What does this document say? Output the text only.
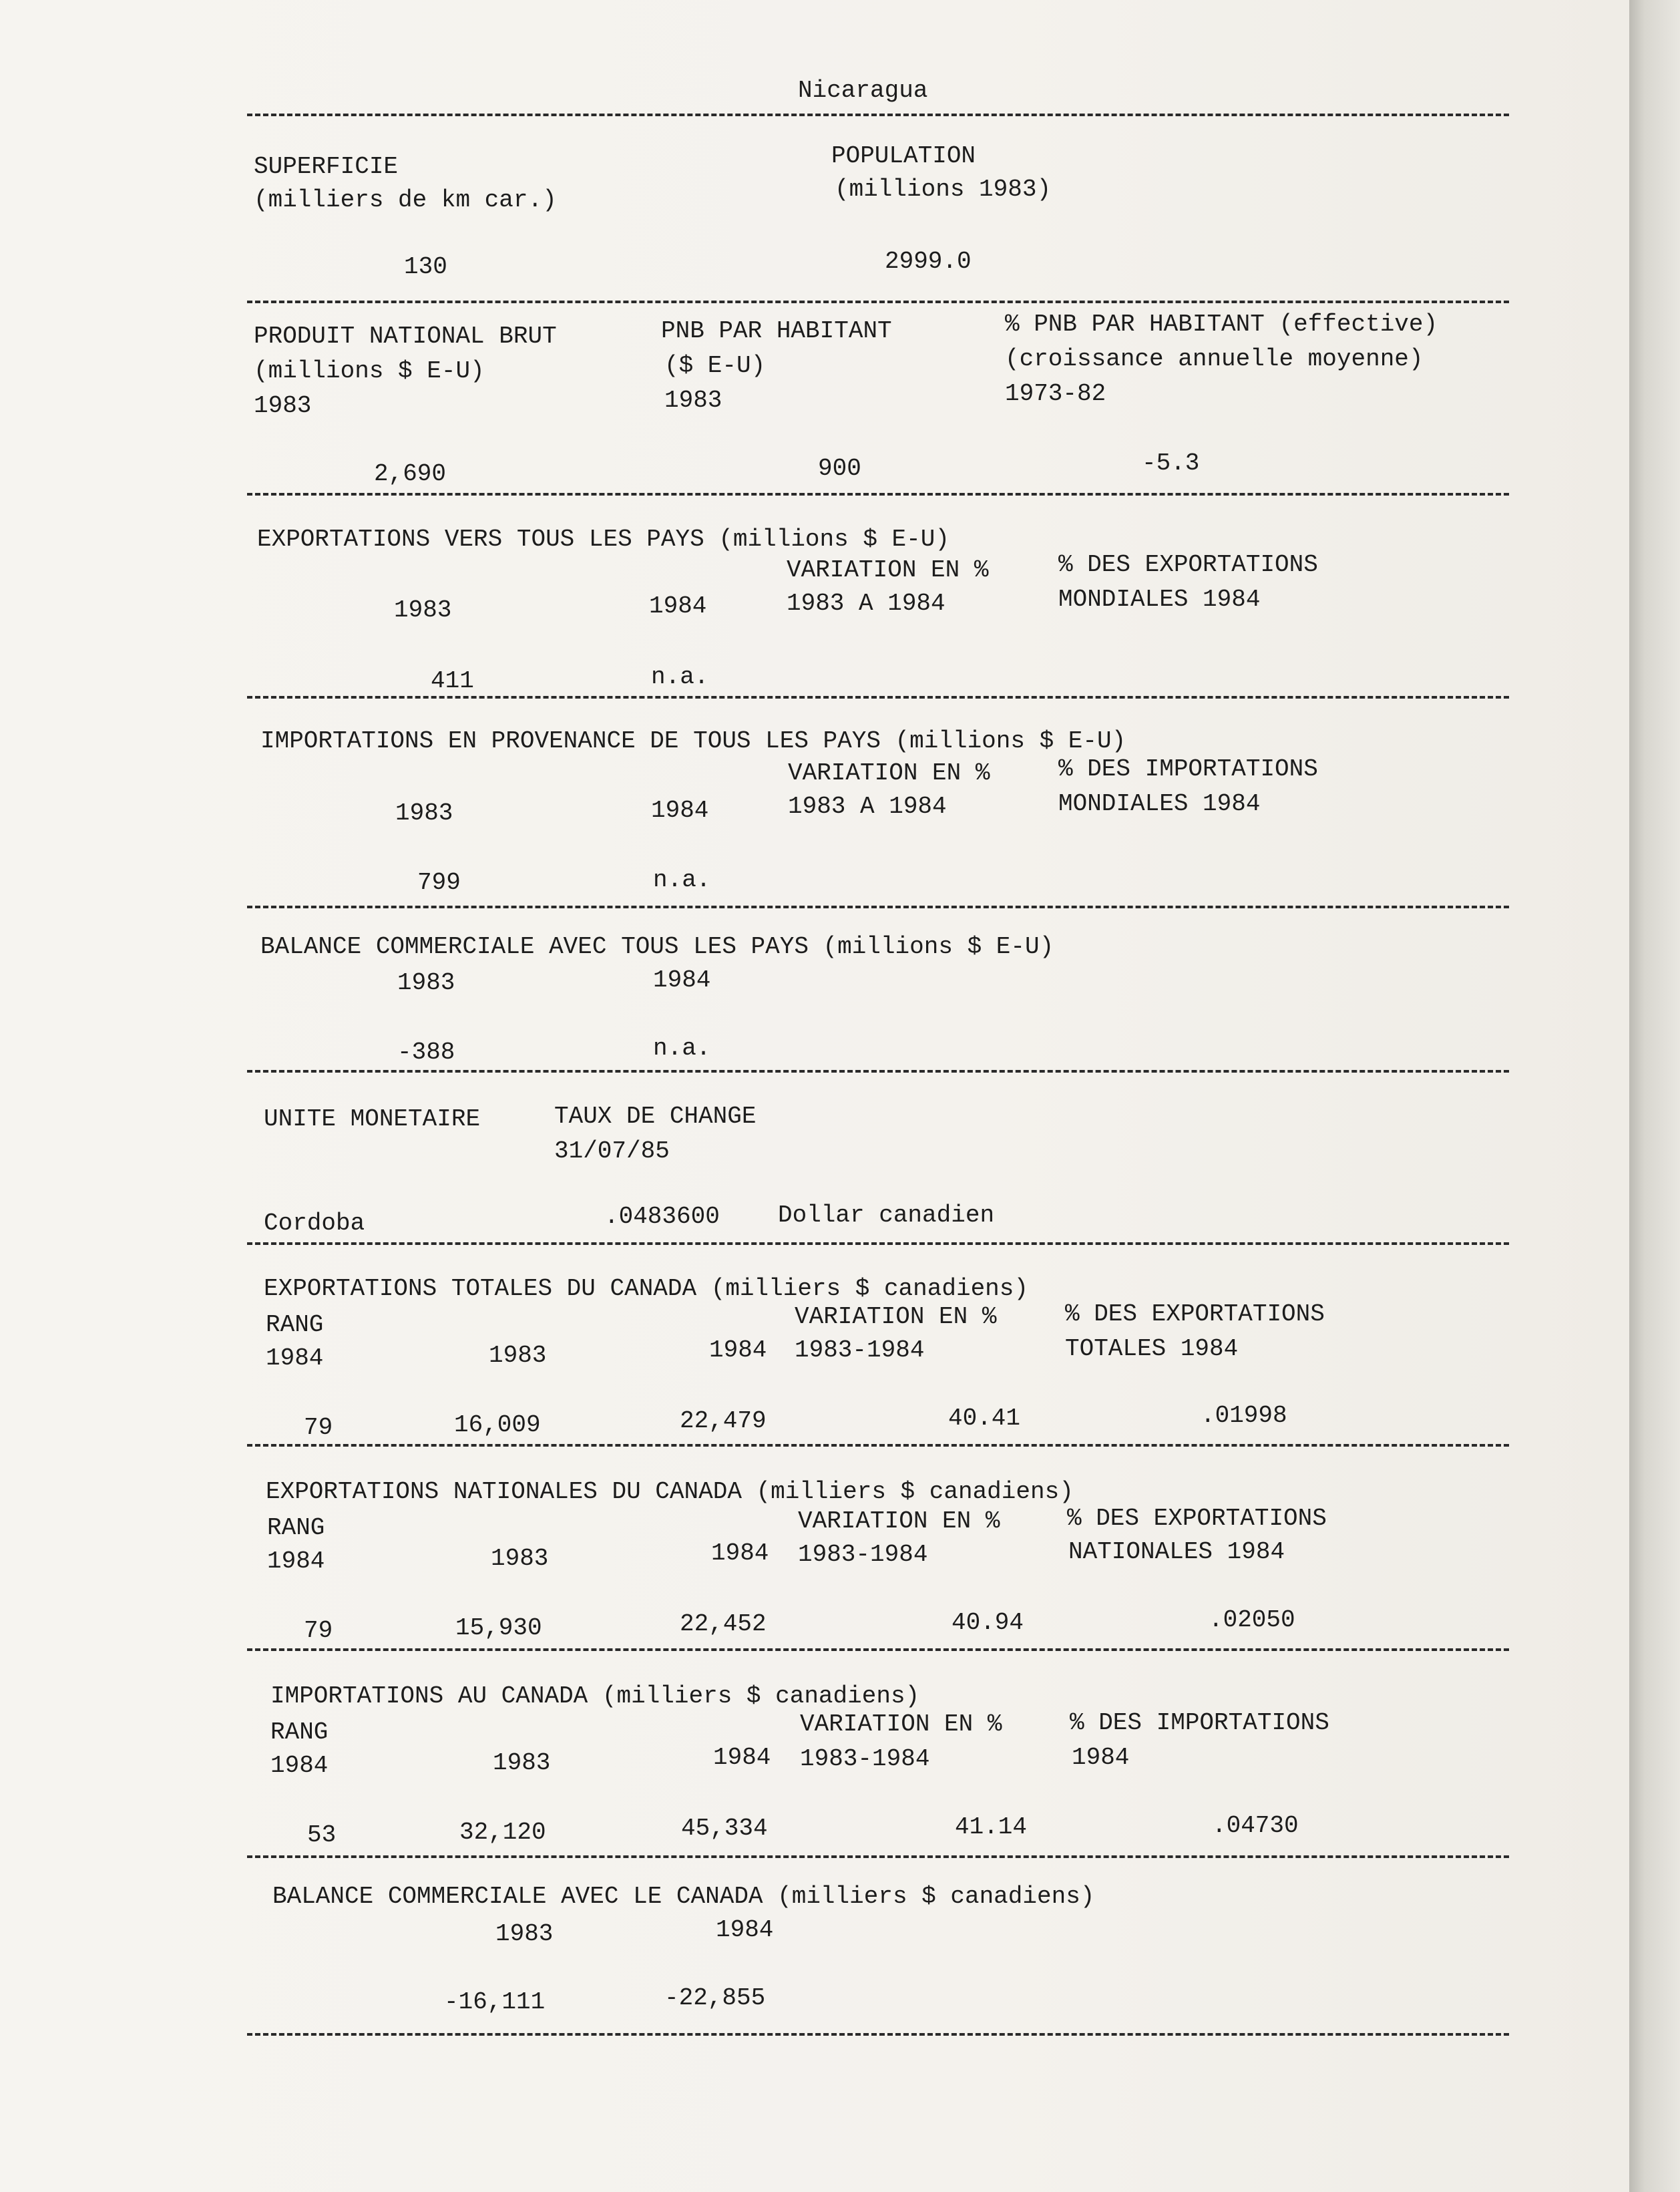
Nicaragua
SUPERFICIE
(milliers de km car.)
POPULATION
(millions 1983)
130	2999.0
PRODUIT NATIONAL BRUT
(millions $ E-U)
1983
PNB PAR HABITANT
($ E-U)
1983
% PNB PAR HABITANT (effective)
(croissance annuelle moyenne)
1973-82
2,690	900	-5.3
EXPORTATIONS VERS TOUS LES PAYS (millions $ E-U)
VARIATION EN %
1983 A 1984
% DES EXPORTATIONS
MONDIALES 1984
1983	1984
411	n.a.
IMPORTATIONS EN PROVENANCE DE TOUS LES PAYS (millions $ E-U)
VARIATION EN %
1983 A 1984
% DES IMPORTATIONS
MONDIALES 1984
1983	1984
799	n.a.
BALANCE COMMERCIALE AVEC TOUS LES PAYS (millions $ E-U)
1983	1984
-388	n.a.
UNITE MONETAIRE	TAUX DE CHANGE
31/07/85
Cordoba	.0483600 Dollar canadien
EXPORTATIONS TOTALES DU CANADA (milliers $ canadiens)
RANG
1984	1983	1984
VARIATION EN %
1983-1984
% DES EXPORTATIONS
TOTALES 1984
79	16,009	22,479	40.41	.01998
EXPORTATIONS NATIONALES DU CANADA (milliers $ canadiens)
RANG
1984	1983	1984
VARIATION EN %
1983-1984
% DES EXPORTATIONS
NATIONALES 1984
79	15,930	22,452	40.94	.02050
IMPORTATIONS AU CANADA (milliers $ canadiens)
RANG
1984	1983	1984
VARIATION EN %
1983-1984
% DES IMPORTATIONS
1984
53	32,120	45,334	41.14	.04730
BALANCE COMMERCIALE AVEC LE CANADA (milliers $ canadiens)
1983	1984
-16,111	-22,855
